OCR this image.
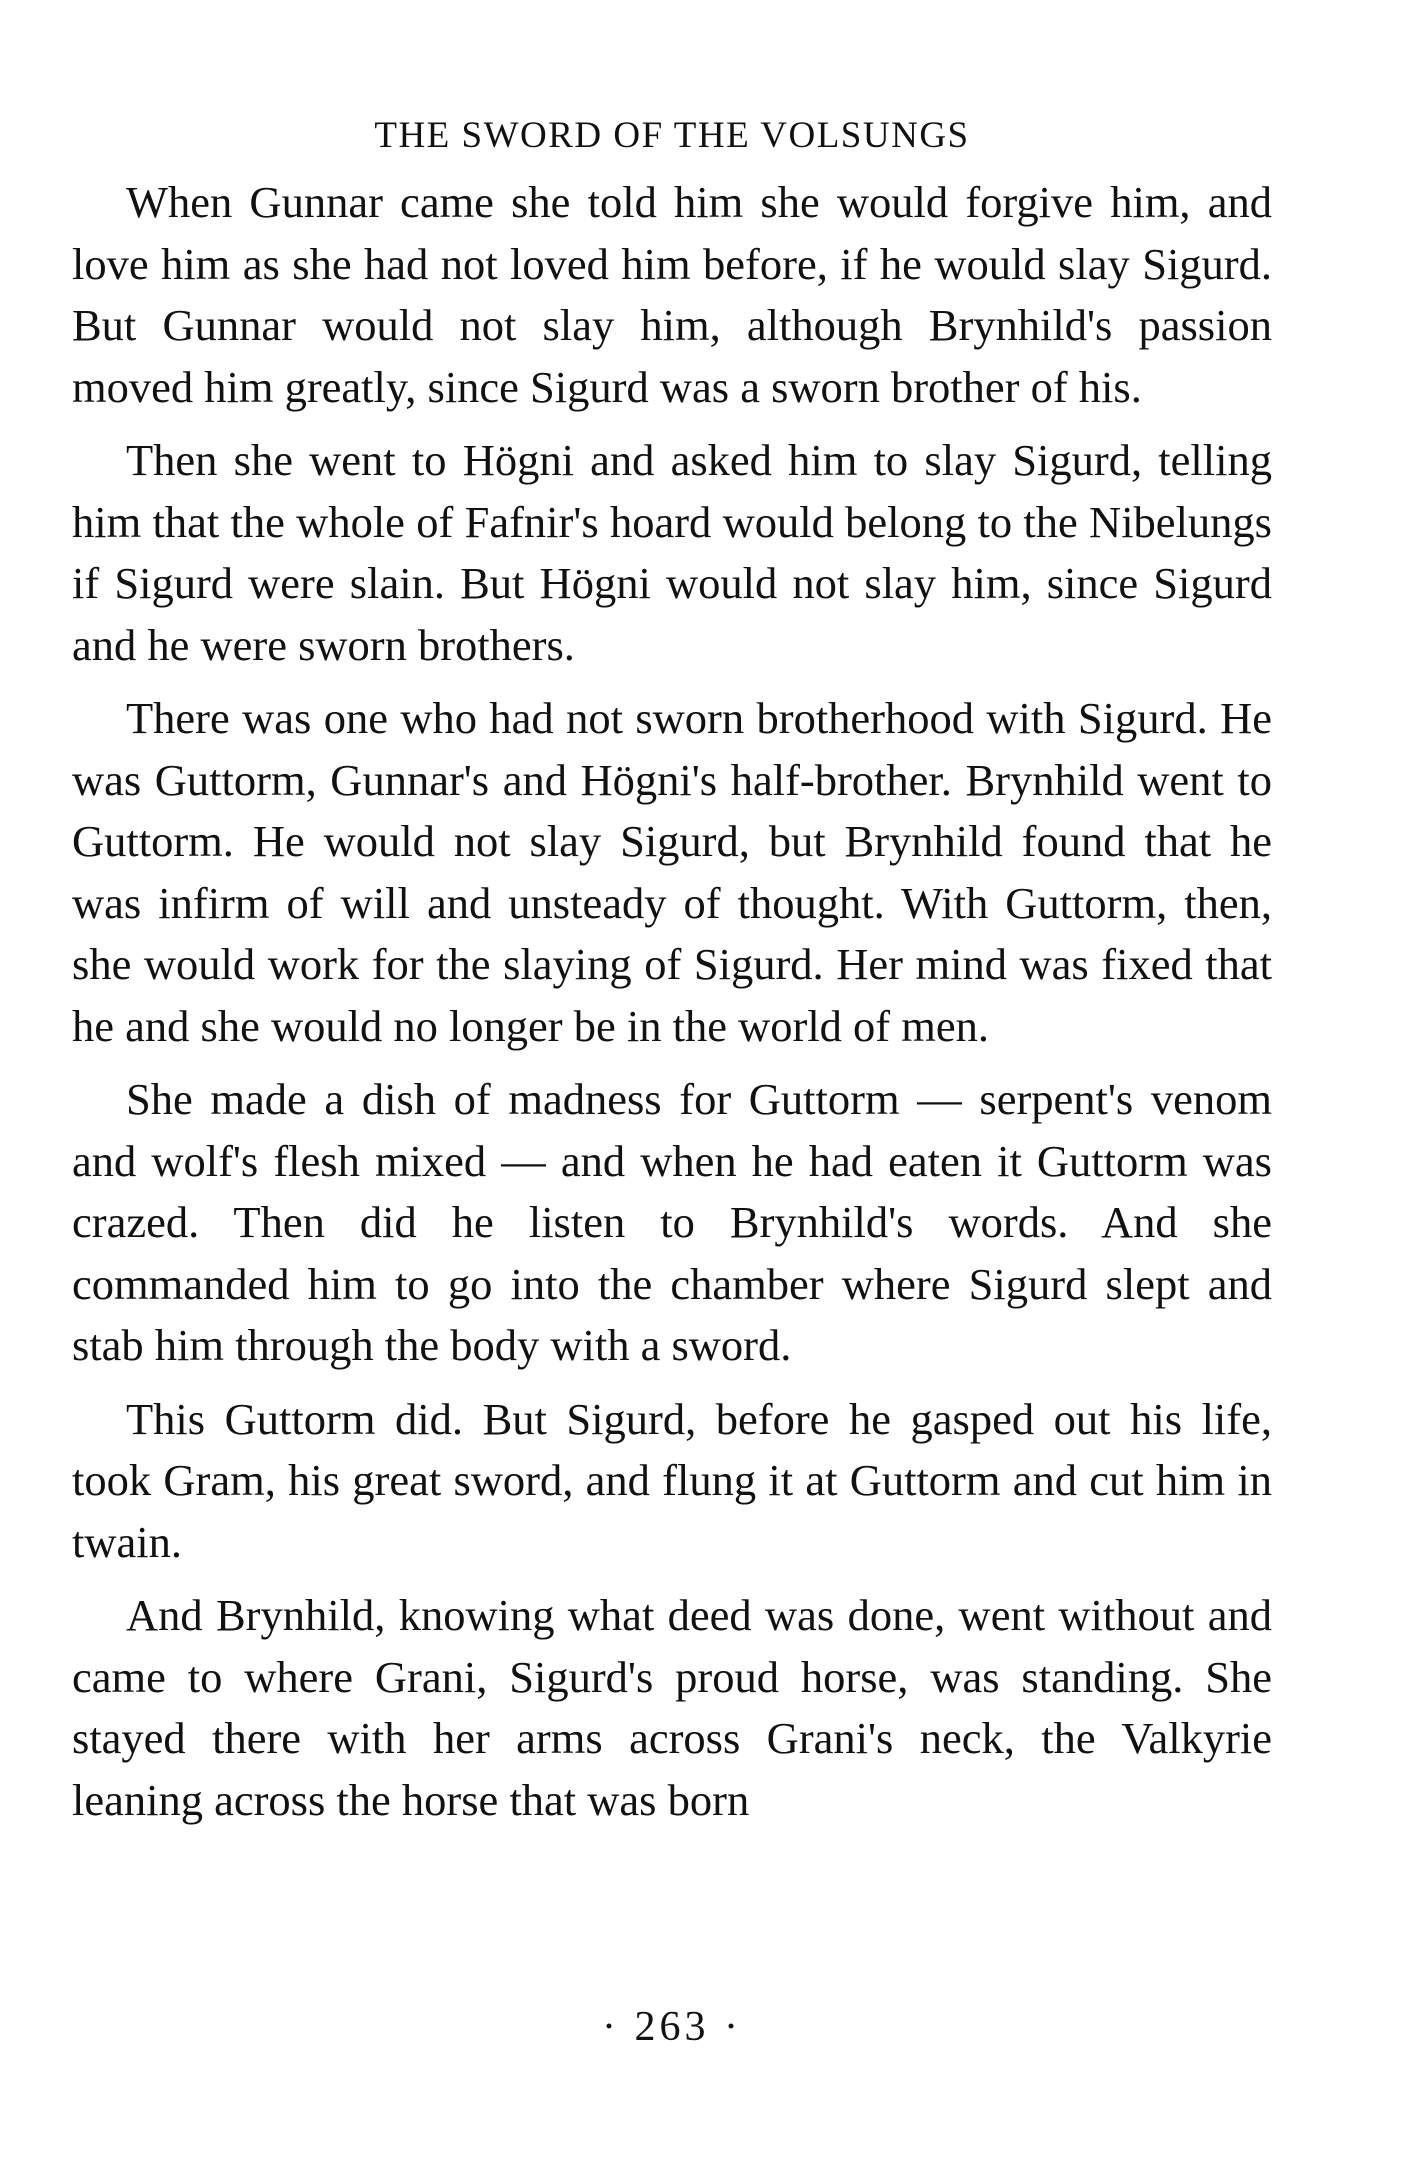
THE SWORD OF THE VOLSUNGS

When Gunnar came she told him she would forgive him, and love him as she had not loved him before, if he would slay Sigurd. But Gunnar would not slay him, although Brynhild's passion moved him greatly, since Sigurd was a sworn brother of his.

Then she went to Högni and asked him to slay Sigurd, telling him that the whole of Fafnir's hoard would belong to the Nibelungs if Sigurd were slain. But Högni would not slay him, since Sigurd and he were sworn brothers.

There was one who had not sworn brotherhood with Sigurd. He was Guttorm, Gunnar's and Högni's half-brother. Brynhild went to Guttorm. He would not slay Sigurd, but Brynhild found that he was infirm of will and unsteady of thought. With Guttorm, then, she would work for the slaying of Sigurd. Her mind was fixed that he and she would no longer be in the world of men.

She made a dish of madness for Guttorm — serpent's venom and wolf's flesh mixed — and when he had eaten it Guttorm was crazed. Then did he listen to Brynhild's words. And she commanded him to go into the chamber where Sigurd slept and stab him through the body with a sword.

This Guttorm did. But Sigurd, before he gasped out his life, took Gram, his great sword, and flung it at Guttorm and cut him in twain.

And Brynhild, knowing what deed was done, went without and came to where Grani, Sigurd's proud horse, was standing. She stayed there with her arms across Grani's neck, the Valkyrie leaning across the horse that was born

· 263 ·
